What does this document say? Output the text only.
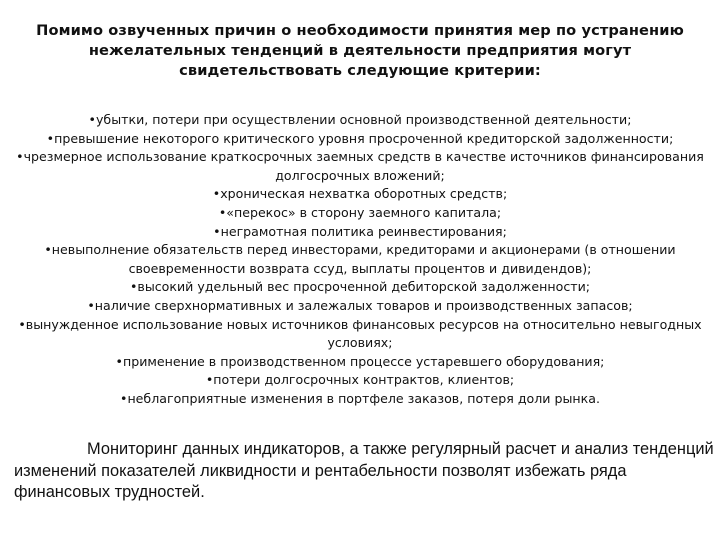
Помимо озвученных причин о необходимости принятия мер по устранению нежелательных тенденций в деятельности предприятия могут свидетельствовать следующие критерии:
•убытки, потери при осуществлении основной производственной деятельности;
•превышение некоторого критического уровня просроченной кредиторской задолженности;
•чрезмерное использование краткосрочных заемных средств в качестве источников финансирования долгосрочных вложений;
•хроническая нехватка оборотных средств;
•«перекос» в сторону заемного капитала;
•неграмотная политика реинвестирования;
•невыполнение обязательств перед инвесторами, кредиторами и акционерами (в отношении своевременности возврата ссуд, выплаты процентов и дивидендов);
•высокий удельный вес просроченной дебиторской задолженности;
•наличие сверхнормативных и залежалых товаров и производственных запасов;
•вынужденное использование новых источников финансовых ресурсов на относительно невыгодных условиях;
•применение в производственном процессе устаревшего оборудования;
•потери долгосрочных контрактов, клиентов;
•неблагоприятные изменения в портфеле заказов, потеря доли рынка.

Мониторинг данных индикаторов, а также регулярный расчет и анализ тенденций изменений показателей ликвидности и рентабельности позволят избежать ряда финансовых трудностей.
